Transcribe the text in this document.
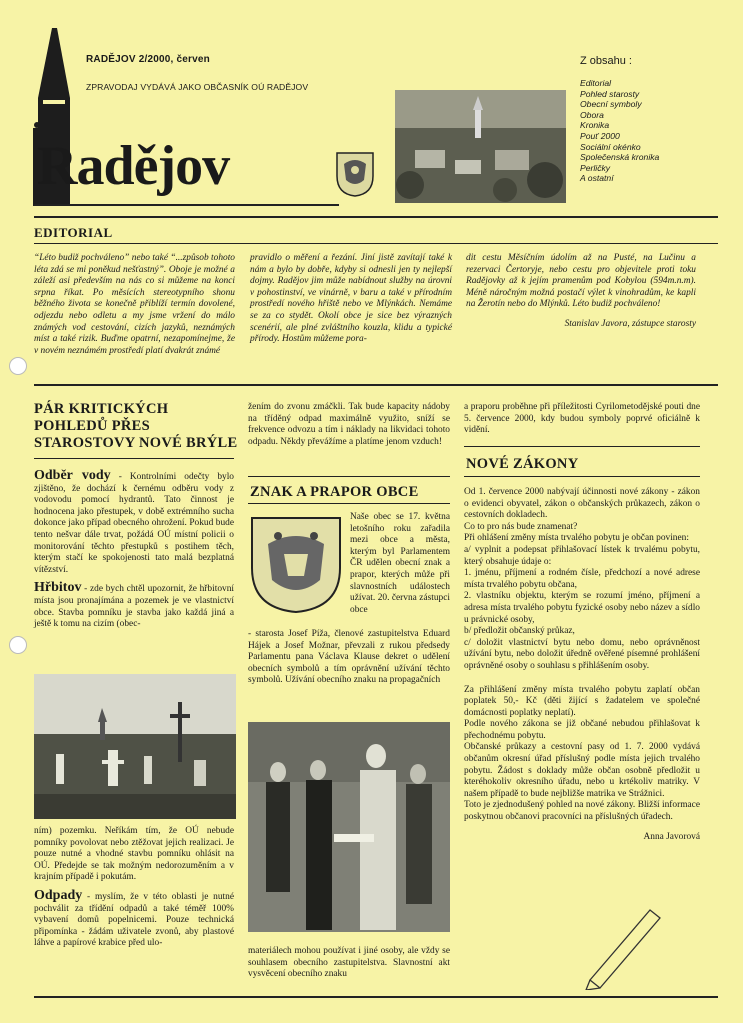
RADĚJOV 2/2000, červen
ZPRAVODAJ VYDÁVÁ JAKO OBČASNÍK OÚ RADĚJOV
Radějov
Z obsahu :
Editorial
Pohled starosty
Obecní symboly
Obora
Kronika
Pouť 2000
Sociální okénko
Společenská kronika
Perličky
A ostatní
EDITORIAL

“Léto budiž pochváleno” nebo také “...způsob tohoto léta zdá se mi poněkud nešťastný”. Oboje je možné a záleží asi především na nás co si můžeme na konci srpna říkat. Po měsících stereotypního shonu běžného života se konečně přiblíží termín dovolené, odjezdu nebo odletu a my jsme vržení do málo známých vod cestování, cizích jazyků, neznámých míst a také rizik. Buďme opatrní, nezapomínejme, že v novém neznámém prostředí platí dvakrát známé

pravidlo o měření a řezání. Jiní jistě zavítají také k nám a bylo by dobře, kdyby si odnesli jen ty nejlepší dojmy. Radějov jim může nabídnout služby na úrovni v pohostinství, ve vinárně, v baru a také v přírodním prostředí nového hřiště nebo ve Mlýnkách. Nemáme se za co stydět. Okolí obce je sice bez výrazných scenérií, ale plné zvláštního kouzla, klidu a typické přírody. Hostům můžeme pora-

dit cestu Měsíčním údolím až na Pusté, na Lučinu a rezervaci Čertoryje, nebo cestu pro objevitele proti toku Radějovky až k jejím pramenům pod Kobylou (594m.n.m). Méně náročným možná postačí výlet k vinohradům, ke kapli na Žerotín nebo do Mlýnků. Léto budiž pochváleno!

Stanislav Javora, zástupce starosty

PÁR KRITICKÝCH POHLEDŮ PŘES STAROSTOVY NOVÉ BRÝLE

Odběr vody - Kontrolními odečty bylo zjištěno, že dochází k černému odběru vody z vodovodu pomocí hydrantů. Tato činnost je hodnocena jako přestupek, v době extrémního sucha dokonce jako případ obecného ohrožení. Pokud bude tento nešvar dále trvat, požádá OÚ místní policii o monitorování těchto přestupků s postihem těch, kterým stačí ke spokojenosti tato malá bezplatná vítězství.

Hřbitov - zde bych chtěl upozornit, že hřbitovní místa jsou pronajímána a pozemek je ve vlastnictví obce. Stavba pomníku je stavba jako každá jiná a ještě k tomu na cizím (obec-

ním) pozemku. Neříkám tím, že OÚ nebude pomníky povolovat nebo ztěžovat jejich realizaci. Je pouze nutné a vhodné stavbu pomníku ohlásit na OÚ. Předejde se tak možným nedorozuměním a v krajním případě i pokutám.

Odpady - myslím, že v této oblasti je nutné pochválit za třídění odpadů a také téměř 100% vybavení domů popelnicemi. Pouze technická připomínka - žádám uživatele zvonů, aby plastové láhve a papírové krabice před ulo-

žením do zvonu zmáčkli. Tak bude kapacity nádoby na tříděný odpad maximálně využito, sníží se frekvence odvozu a tím i náklady na likvidaci tohoto odpadu. Někdy převážíme a platíme jenom vzduch!

ZNAK A PRAPOR OBCE

Naše obec se 17. května letošního roku zařadila mezi obce a města, kterým byl Parlamentem ČR udělen obecní znak a prapor, kterých může při slavnostních událostech užívat. 20. června zástupci obce

- starosta Josef Píža, členové zastupitelstva Eduard Hájek a Josef Možnar, převzali z rukou předsedy Parlamentu pana Václava Klause dekret o udělení obecních symbolů a tím oprávnění užívání těchto symbolů. Užívání obecního znaku na propagačních

materiálech mohou používat i jiné osoby, ale vždy se souhlasem obecního zastupitelstva. Slavnostní akt vysvěcení obecního znaku

a praporu proběhne při příležitosti Cyrilometodějské pouti dne 5. července 2000, kdy budou symboly poprvé oficiálně k vidění.

NOVÉ ZÁKONY

Od 1. července 2000 nabývají účinnosti nové zákony - zákon o evidenci obyvatel, zákon o občanských průkazech, zákon o cestovních dokladech.

Co to pro nás bude znamenat?

Při ohlášení změny místa trvalého pobytu je občan povinen:

a/ vyplnit a podepsat přihlašovací lístek k trvalému pobytu, který obsahuje údaje o:

1. jménu, příjmení a rodném čísle, předchozí a nové adrese místa trvalého pobytu občana,

2. vlastníku objektu, kterým se rozumí jméno, příjmení a adresa místa trvalého pobytu fyzické osoby nebo název a sídlo u právnické osoby,

b/ předložit občanský průkaz,

c/ doložit vlastnictví bytu nebo domu, nebo oprávněnost užívání bytu, nebo doložit úředně ověřené písemné prohlášení oprávněné osoby o souhlasu s přihlášením osoby.

Za přihlášení změny místa trvalého pobytu zaplatí občan poplatek 50,- Kč (děti žijící s žadatelem ve společné domácnosti poplatky neplatí).

Podle nového zákona se již občané nebudou přihlašovat k přechodnému pobytu.

Občanské průkazy a cestovní pasy od 1. 7. 2000 vydává občanům okresní úřad příslušný podle místa jejich trvalého pobytu. Žádost s doklady může občan osobně předložit u kteréhokoliv okresního úřadu, nebo u krtékoliv matriky. V našem případě to bude nejbližše matrika ve Strážnici.

Toto je zjednodušený pohled na nové zákony. Bližší informace poskytnou občanovi pracovníci na příslušných úřadech.

Anna Javorová
